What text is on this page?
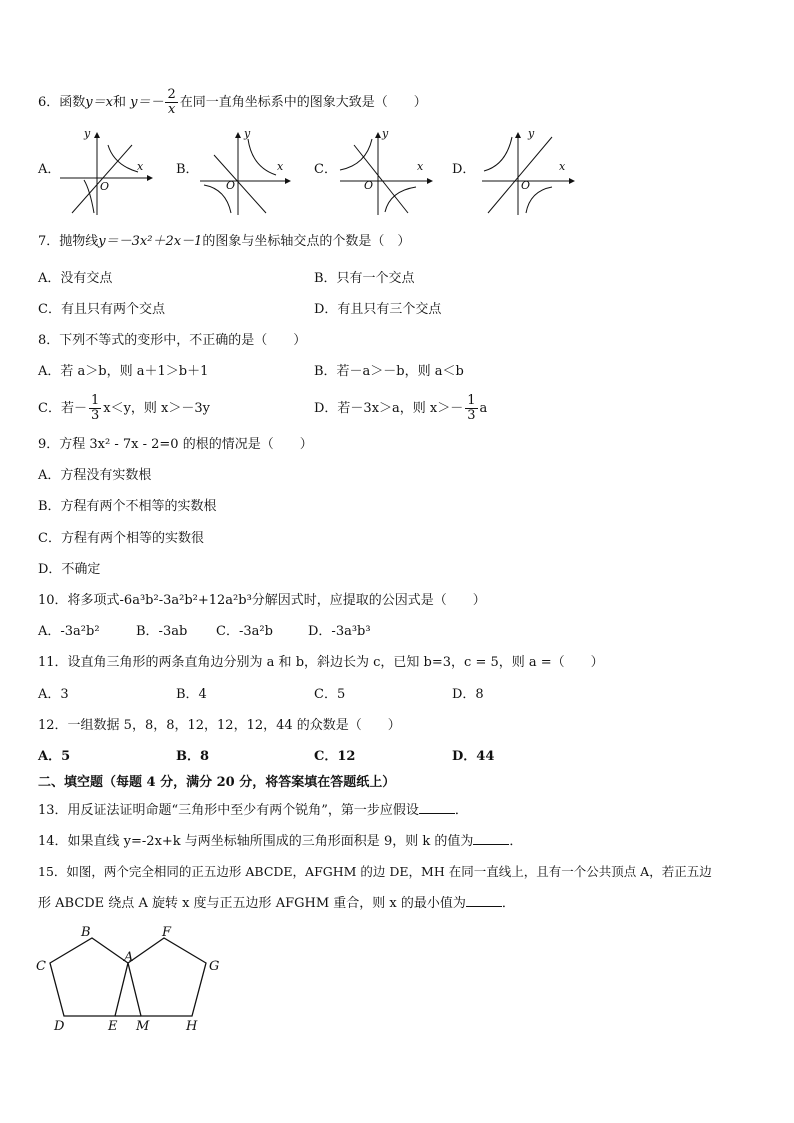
6．函数y＝x和 $y=- \frac{2}{x}$ 在同一直角坐标系中的图象大致是（　　）
A．	B．	C．	D．
y
x
O
y
x
O
y
x
O
y
x
O
7．抛物线y＝－3x²＋2x－1的图象与坐标轴交点的个数是（　）
A．没有交点	B．只有一个交点
C．有且只有两个交点	D．有且只有三个交点
8．下列不等式的变形中，不正确的是（　　）
A．若 a＞b，则 a＋1＞b＋1	B．若－a＞－b，则 a＜b
C．若－ $\frac{1}{3} x<y$，则 x＞－3y	D．若－3x＞a，则 $x>- \frac{1}{3}$ a
9．方程 3x² - 7x - 2=0 的根的情况是（　　）
A．方程没有实数根
B．方程有两个不相等的实数根
C．方程有两个相等的实数很
D．不确定
10．将多项式-6a³b²-3a²b²+12a²b³分解因式时，应提取的公因式是（　　）
A．-3a²b²	B．-3ab C．-3a²b	D．-3a³b³
11．设直角三角形的两条直角边分别为 a 和 b，斜边长为 c，已知 b=3，c = 5，则 a =（　　）
A．3	B．4	C．5	D．8
12．一组数据 5，8，8，12，12，12，44 的众数是（　　）
A．5	B．8	C．12	D．44
二、填空题（每题 4 分，满分 20 分，将答案填在答题纸上）
13．用反证法证明命题“三角形中至少有两个锐角”，第一步应假设	．
14．如果直线 y=-2x+k 与两坐标轴所围成的三角形面积是 9，则 k 的值为	．
15．如图，两个完全相同的正五边形 ABCDE，AFGHM 的边 DE，MH 在同一直线上，且有一个公共顶点 A，若正五边
形 ABCDE 绕点 A 旋转 x 度与正五边形 AFGHM 重合，则 x 的最小值为	．
B
C
A
F
G
D	E M	H
